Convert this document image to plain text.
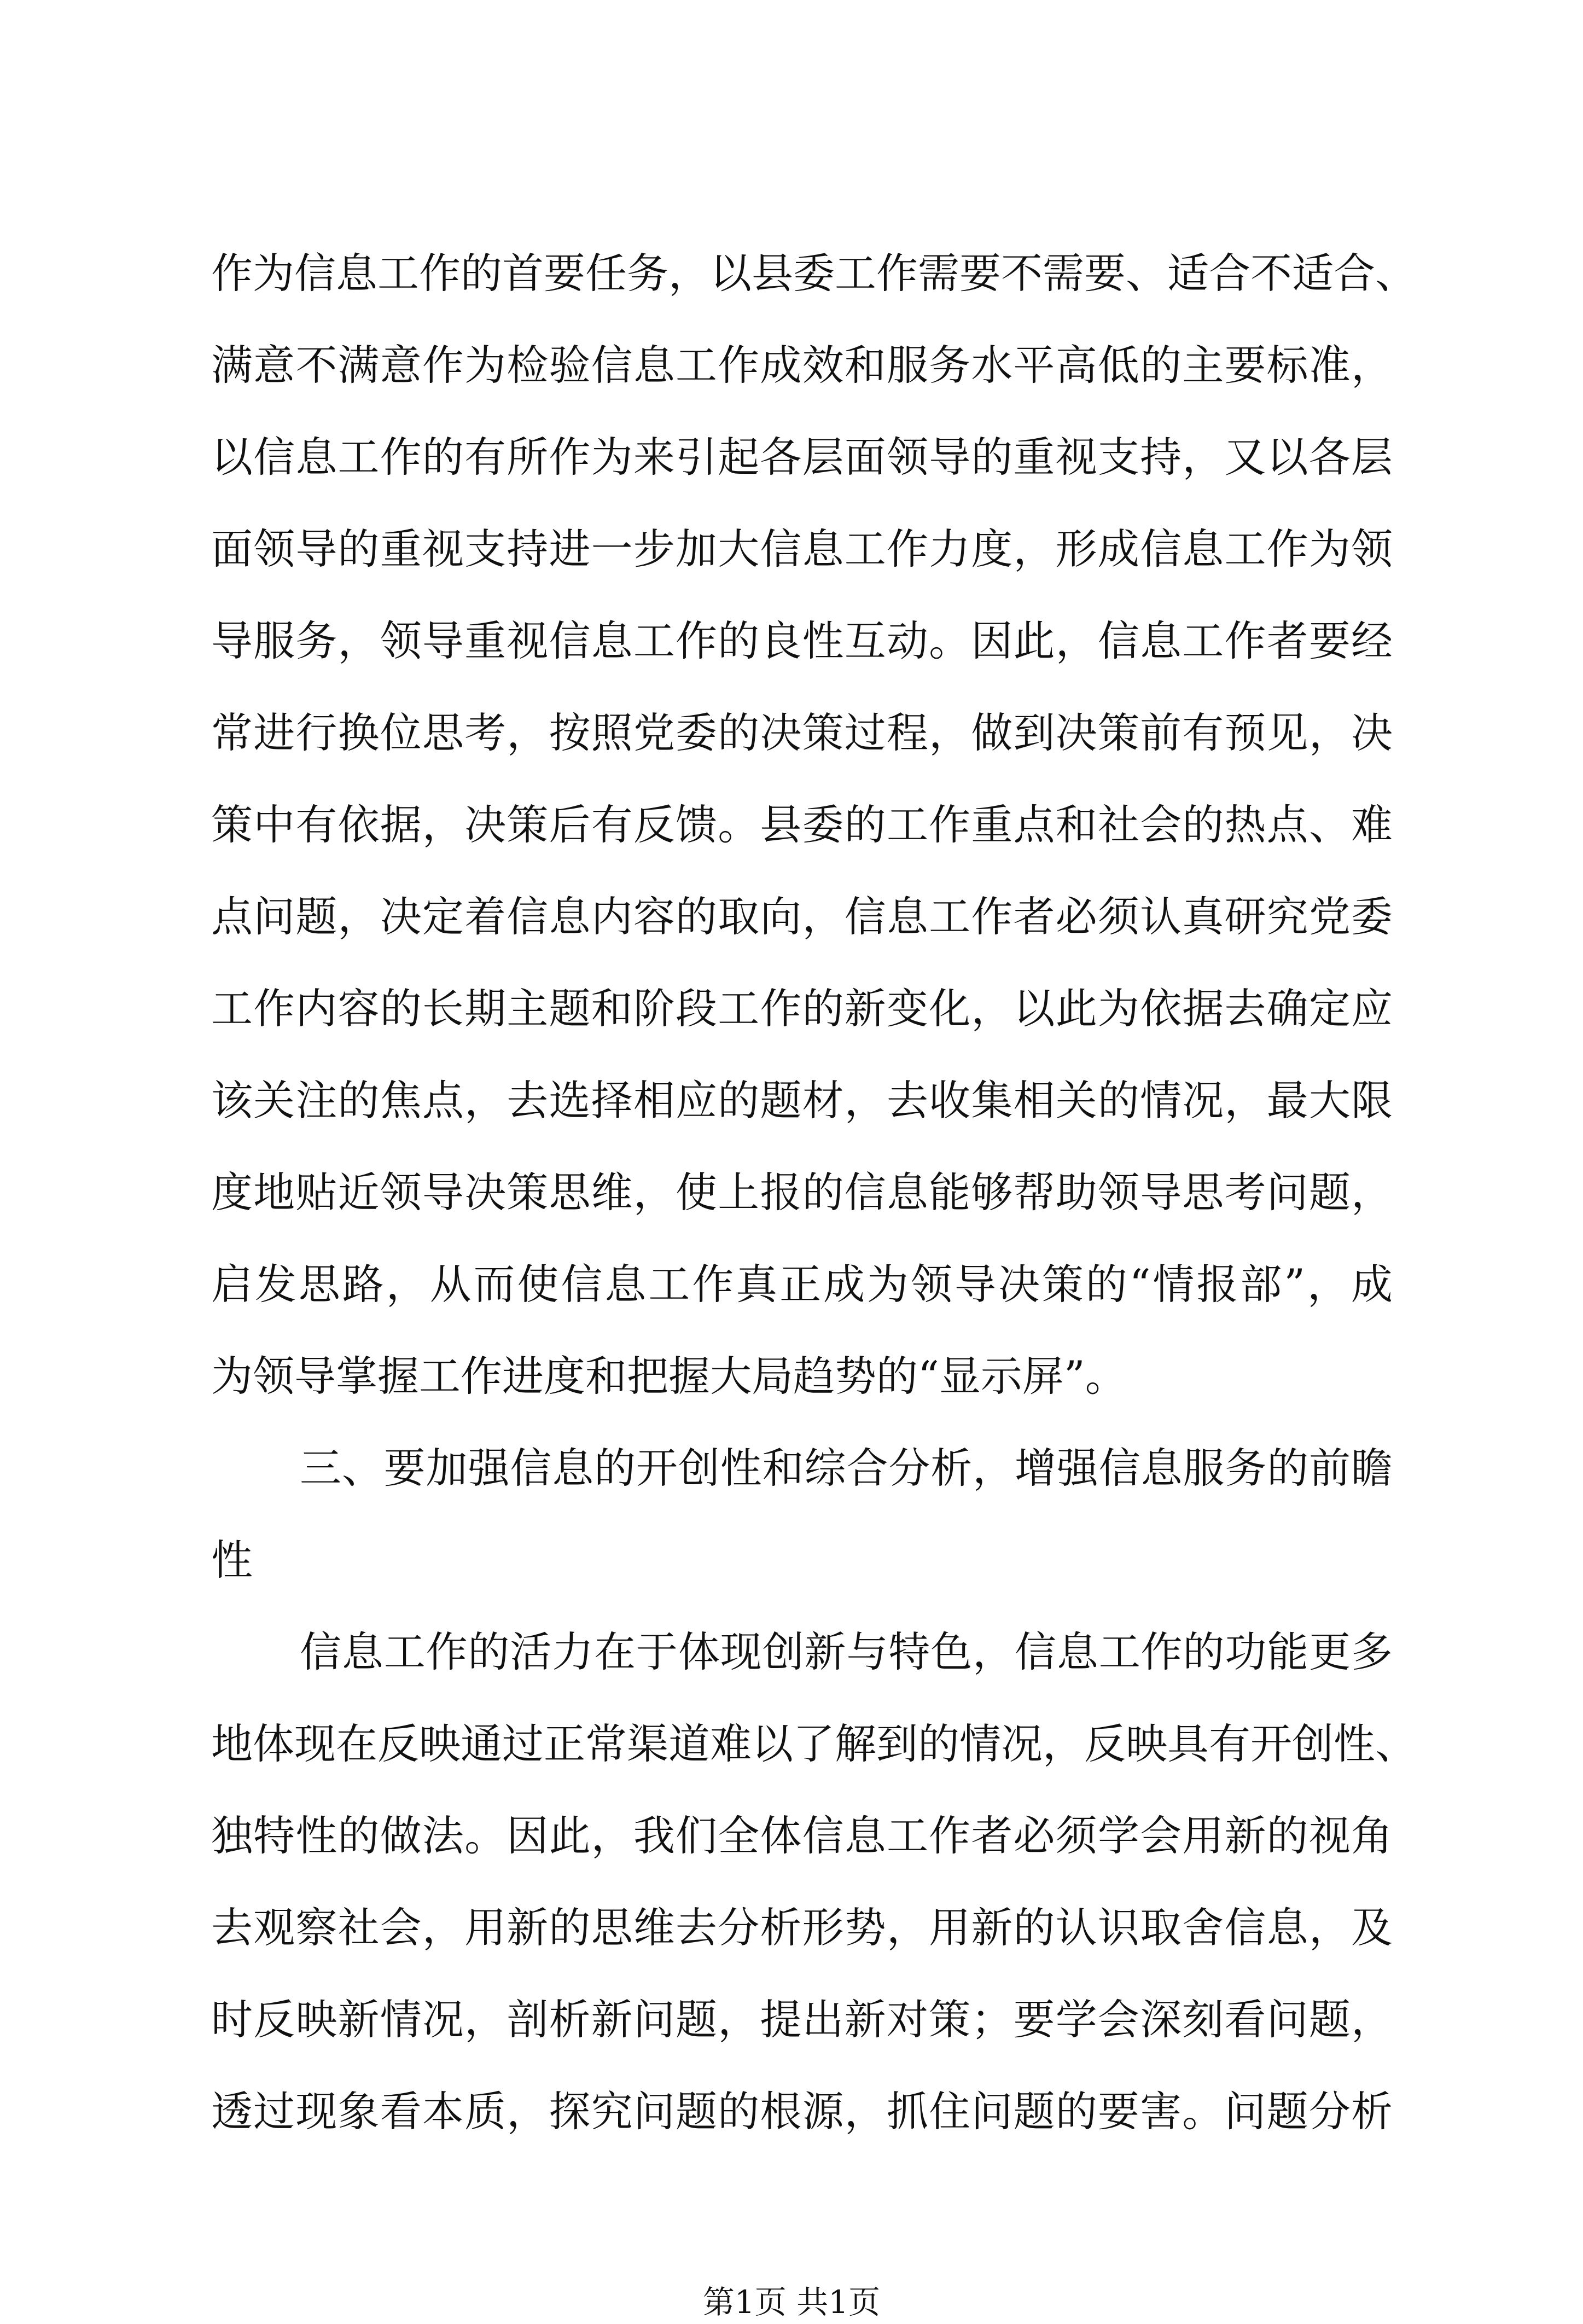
作为信息工作的首要任务，以县委工作需要不需要、适合不适合、
满意不满意作为检验信息工作成效和服务水平高低的主要标准，
以信息工作的有所作为来引起各层面领导的重视支持，又以各层
面领导的重视支持进一步加大信息工作力度，形成信息工作为领
导服务，领导重视信息工作的良性互动。因此，信息工作者要经
常进行换位思考，按照党委的决策过程，做到决策前有预见，决
策中有依据，决策后有反馈。县委的工作重点和社会的热点、难
点问题，决定着信息内容的取向，信息工作者必须认真研究党委
工作内容的长期主题和阶段工作的新变化，以此为依据去确定应
该关注的焦点，去选择相应的题材，去收集相关的情况，最大限
度地贴近领导决策思维，使上报的信息能够帮助领导思考问题，
启发思路，从而使信息工作真正成为领导决策的“情报部”，成
为领导掌握工作进度和把握大局趋势的“显示屏”。
三、要加强信息的开创性和综合分析，增强信息服务的前瞻
性
信息工作的活力在于体现创新与特色，信息工作的功能更多
地体现在反映通过正常渠道难以了解到的情况，反映具有开创性、
独特性的做法。因此，我们全体信息工作者必须学会用新的视角
去观察社会，用新的思维去分析形势，用新的认识取舍信息，及
时反映新情况，剖析新问题，提出新对策；要学会深刻看问题，
透过现象看本质，探究问题的根源，抓住问题的要害。问题分析
第1页 共1页
